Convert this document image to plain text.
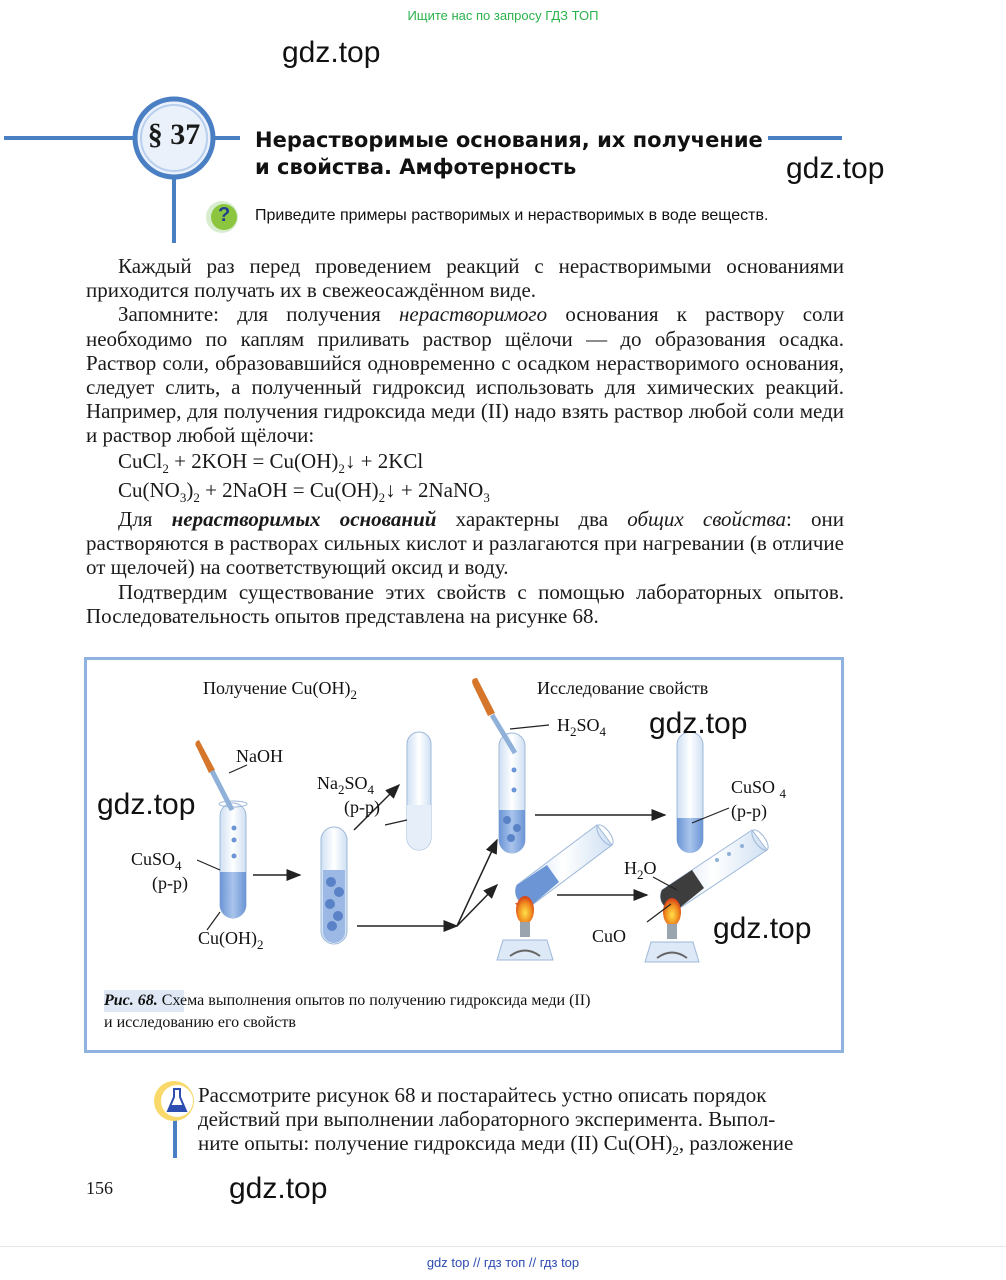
Ищите нас по запросу ГДЗ ТОП
gdz.top
gdz.top
§ 37	Нерастворимые основания, их получение
и свойства. Амфотерность
? Приведите примеры растворимых и нерастворимых в воде веществ.

Каждый раз перед проведением реакций с нерастворимыми основаниями приходится получать их в свежеосаждённом виде.

Запомните: для получения нерастворимого основания к раствору соли необходимо по каплям приливать раствор щёлочи — до образования осадка. Раствор соли, образовавшийся одновременно с осадком нерастворимого основания, следует слить, а полученный гидроксид использовать для химических реакций. Например, для получения гидроксида меди (II) надо взять раствор любой соли меди и раствор любой щёлочи:

CuCl$_2$ + $2KOH = Cu(OH)_2↓ + 2KCl$
$Cu(NO_3)_2$ + 2NaOH = $Cu(OH)_2↓$ + 2NaNO$_3$

Для нерастворимых оснований характерны два общих свойства: они растворяются в растворах сильных кислот и разлагаются при нагревании (в отличие от щелочей) на соответствующий оксид и воду.

Подтвердим существование этих свойств с помощью лабораторных опытов. Последовательность опытов представлена на рисунке 68.

Получение $Cu(OH)_2$	Исследование свойств
NaOH
CuSO$_4$
(р-р)
$Cu(OH)_2$
$Na_2SO_4$
(р-р)
$H_2SO_4$
CuSO $_4$
(р-р)
$H_2O$
CuO
gdz.top
gdz.top
gdz.top
Рис. 68. Схема выполнения опытов по получению гидроксида меди (II)
и исследованию его свойств
Рассмотрите рисунок 68 и постарайтесь устно описать порядок
действий при выполнении лабораторного эксперимента. Выпол-
ните опыты: получение гидроксида меди (II) $Cu(OH)_2$, разложение
156	gdz.top
gdz top // гдз топ // гдз top
